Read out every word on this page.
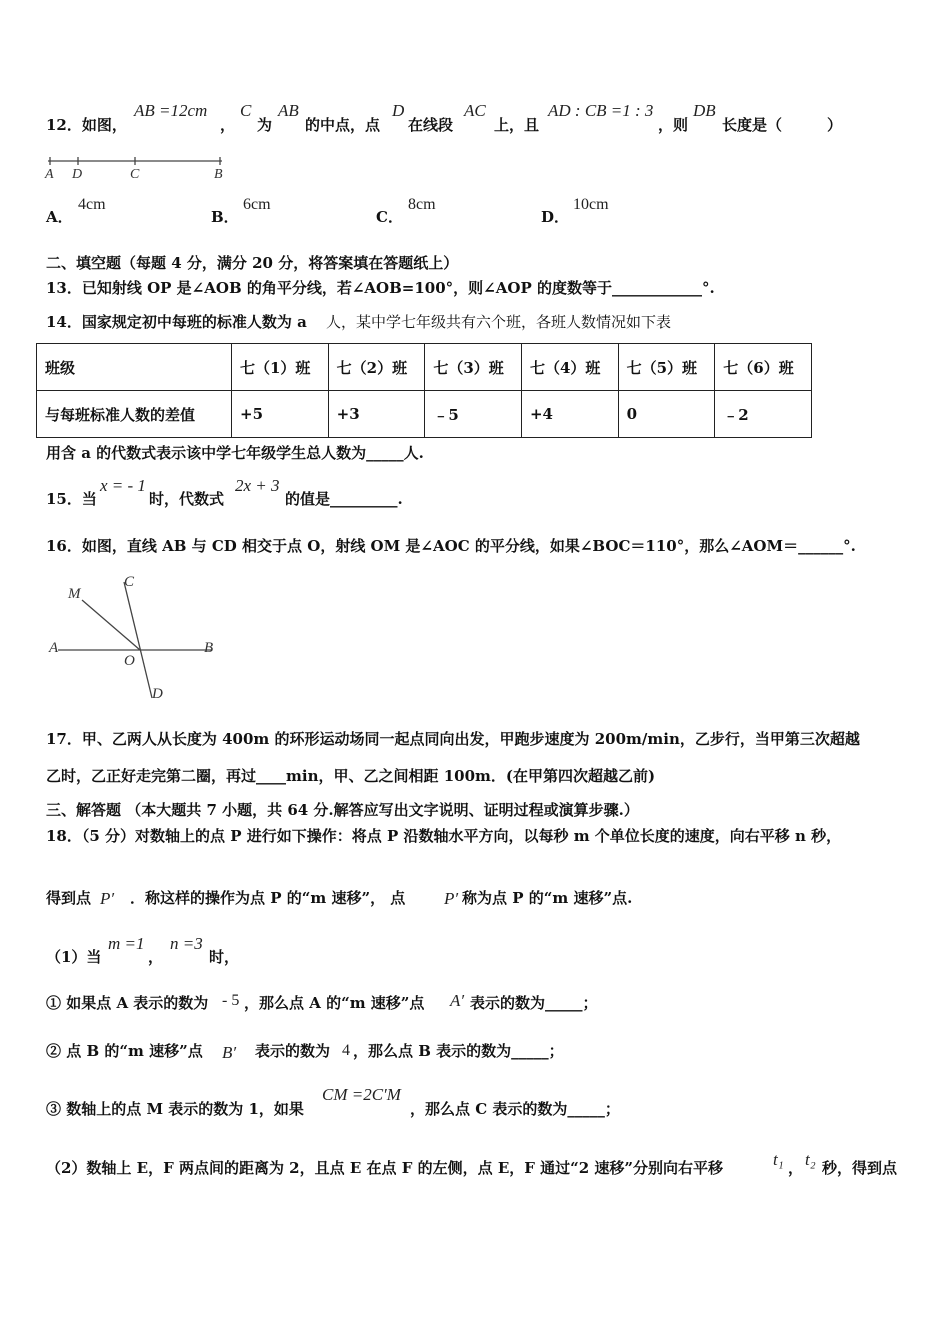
12．如图，
AB =12cm
，
C
为
AB
的中点，点
D
在线段
AC
上，且
AD : CB =1 : 3
，则
DB
长度是（　　　）
A D	C	B
A．
4cm
B．
6cm
C．
8cm
D．
10cm
二、填空题（每题 4 分，满分 20 分，将答案填在答题纸上）
13．已知射线 OP 是∠AOB 的角平分线，若∠AOB=100°，则∠AOP 的度数等于____________°.
14．国家规定初中每班的标准人数为 a 人，某中学七年级共有六个班，各班人数情况如下表
班级	七（1）班	七（2）班	七（3）班	七（4）班	七（5）班	七（6）班
与每班标准人数的差值	+5	+3	﹣5	+4	0	﹣2
用含 a 的代数式表示该中学七年级学生总人数为_____人.
15．当
x = - 1
时，代数式
2x + 3
的值是_________.
16．如图，直线 AB 与 CD 相交于点 O，射线 OM 是∠AOC 的平分线，如果∠BOC＝110°，那么∠AOM＝______°.
M
C
A	B
O
D
17．甲、乙两人从长度为 400m 的环形运动场同一起点同向出发，甲跑步速度为 200m/min，乙步行，当甲第三次超越
乙时，乙正好走完第二圈，再过____min，甲、乙之间相距 100m．(在甲第四次超越乙前)
三、解答题 （本大题共 7 小题，共 64 分.解答应写出文字说明、证明过程或演算步骤.）
18．（5 分）对数轴上的点 P 进行如下操作：将点 P 沿数轴水平方向，以每秒 m 个单位长度的速度，向右平移 n 秒，
得到点 P′ ．称这样的操作为点 P 的“m 速移”， 点 P′ 称为点 P 的“m 速移”点.
（1）当
m =1
，
n =3
时，
① 如果点 A 表示的数为 - 5 ，那么点 A 的“m 速移”点 A′ 表示的数为_____；
② 点 B 的“m 速移”点 B′ 表示的数为 4 ，那么点 B 表示的数为_____；
③ 数轴上的点 M 表示的数为 1，如果
CM =2C′M
，那么点 C 表示的数为_____；
（2）数轴上 E，F 两点间的距离为 2，且点 E 在点 F 的左侧，点 E，F 通过“2 速移”分别向右平移	t₁ ， t₂ 秒，得到点
